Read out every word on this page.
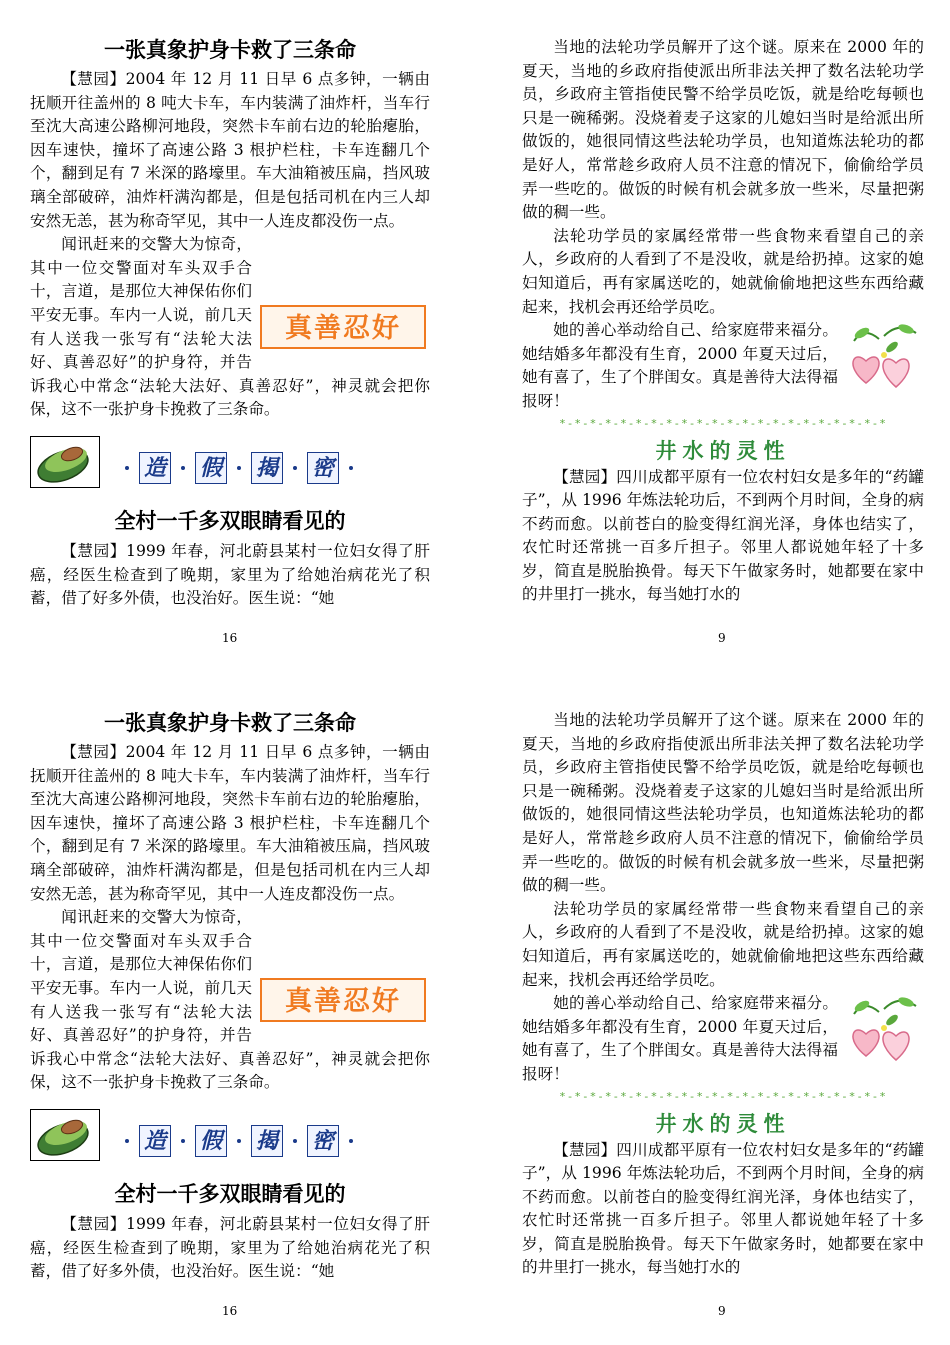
一张真象护身卡救了三条命

【慧园】2004 年 12 月 11 日早 6 点多钟，一辆由抚顺开往盖州的 8 吨大卡车，车内装满了油炸杆，当车行至沈大高速公路柳河地段，突然卡车前右边的轮胎瘪胎，因车速快，撞坏了高速公路 3 根护栏柱，卡车连翻几个个，翻到足有 7 米深的路壕里。车大油箱被压扁，挡风玻璃全部破碎，油炸杆满沟都是，但是包括司机在内三人却安然无恙，甚为称奇罕见，其中一人连皮都没伤一点。

真善忍好

闻讯赶来的交警大为惊奇，其中一位交警面对车头双手合十，言道，是那位大神保佑你们平安无事。车内一人说，前几天有人送我一张写有“法轮大法好、真善忍好”的护身符，并告诉我心中常念“法轮大法好、真善忍好”，神灵就会把你保，这不一张护身卡挽救了三条命。

造 假 揭 密
全村一千多双眼睛看见的

【慧园】1999 年春，河北蔚县某村一位妇女得了肝癌，经医生检查到了晚期，家里为了给她治病花光了积蓄，借了好多外债，也没治好。医生说：“她

16

当地的法轮功学员解开了这个谜。原来在 2000 年的夏天，当地的乡政府指使派出所非法关押了数名法轮功学员，乡政府主管指使民警不给学员吃饭，就是给吃每顿也只是一碗稀粥。没烧着麦子这家的儿媳妇当时是给派出所做饭的，她很同情这些法轮功学员，也知道炼法轮功的都是好人，常常趁乡政府人员不注意的情况下，偷偷给学员弄一些吃的。做饭的时候有机会就多放一些米，尽量把粥做的稠一些。

法轮功学员的家属经常带一些食物来看望自己的亲人，乡政府的人看到了不是没收，就是给扔掉。这家的媳妇知道后，再有家属送吃的，她就偷偷地把这些东西给藏起来，找机会再还给学员吃。

她的善心举动给自己、给家庭带来福分。她结婚多年都没有生育，2000 年夏天过后，她有喜了，生了个胖闺女。真是善待大法得福报呀！

*-*-*-*-*-*-*-*-*-*-*-*-*-*-*-*-*-*-*-*-*-*
井水的灵性

【慧园】四川成都平原有一位农村妇女是多年的“药罐子”，从 1996 年炼法轮功后，不到两个月时间，全身的病不药而愈。以前苍白的脸变得红润光泽，身体也结实了，农忙时还常挑一百多斤担子。邻里人都说她年轻了十多岁，简直是脱胎换骨。每天下午做家务时，她都要在家中的井里打一挑水，每当她打水的

9
一张真象护身卡救了三条命

【慧园】2004 年 12 月 11 日早 6 点多钟，一辆由抚顺开往盖州的 8 吨大卡车，车内装满了油炸杆，当车行至沈大高速公路柳河地段，突然卡车前右边的轮胎瘪胎，因车速快，撞坏了高速公路 3 根护栏柱，卡车连翻几个个，翻到足有 7 米深的路壕里。车大油箱被压扁，挡风玻璃全部破碎，油炸杆满沟都是，但是包括司机在内三人却安然无恙，甚为称奇罕见，其中一人连皮都没伤一点。

真善忍好

闻讯赶来的交警大为惊奇，其中一位交警面对车头双手合十，言道，是那位大神保佑你们平安无事。车内一人说，前几天有人送我一张写有“法轮大法好、真善忍好”的护身符，并告诉我心中常念“法轮大法好、真善忍好”，神灵就会把你保，这不一张护身卡挽救了三条命。

造 假 揭 密
全村一千多双眼睛看见的

【慧园】1999 年春，河北蔚县某村一位妇女得了肝癌，经医生检查到了晚期，家里为了给她治病花光了积蓄，借了好多外债，也没治好。医生说：“她

16

当地的法轮功学员解开了这个谜。原来在 2000 年的夏天，当地的乡政府指使派出所非法关押了数名法轮功学员，乡政府主管指使民警不给学员吃饭，就是给吃每顿也只是一碗稀粥。没烧着麦子这家的儿媳妇当时是给派出所做饭的，她很同情这些法轮功学员，也知道炼法轮功的都是好人，常常趁乡政府人员不注意的情况下，偷偷给学员弄一些吃的。做饭的时候有机会就多放一些米，尽量把粥做的稠一些。

法轮功学员的家属经常带一些食物来看望自己的亲人，乡政府的人看到了不是没收，就是给扔掉。这家的媳妇知道后，再有家属送吃的，她就偷偷地把这些东西给藏起来，找机会再还给学员吃。

她的善心举动给自己、给家庭带来福分。她结婚多年都没有生育，2000 年夏天过后，她有喜了，生了个胖闺女。真是善待大法得福报呀！

*-*-*-*-*-*-*-*-*-*-*-*-*-*-*-*-*-*-*-*-*-*
井水的灵性

【慧园】四川成都平原有一位农村妇女是多年的“药罐子”，从 1996 年炼法轮功后，不到两个月时间，全身的病不药而愈。以前苍白的脸变得红润光泽，身体也结实了，农忙时还常挑一百多斤担子。邻里人都说她年轻了十多岁，简直是脱胎换骨。每天下午做家务时，她都要在家中的井里打一挑水，每当她打水的

9
